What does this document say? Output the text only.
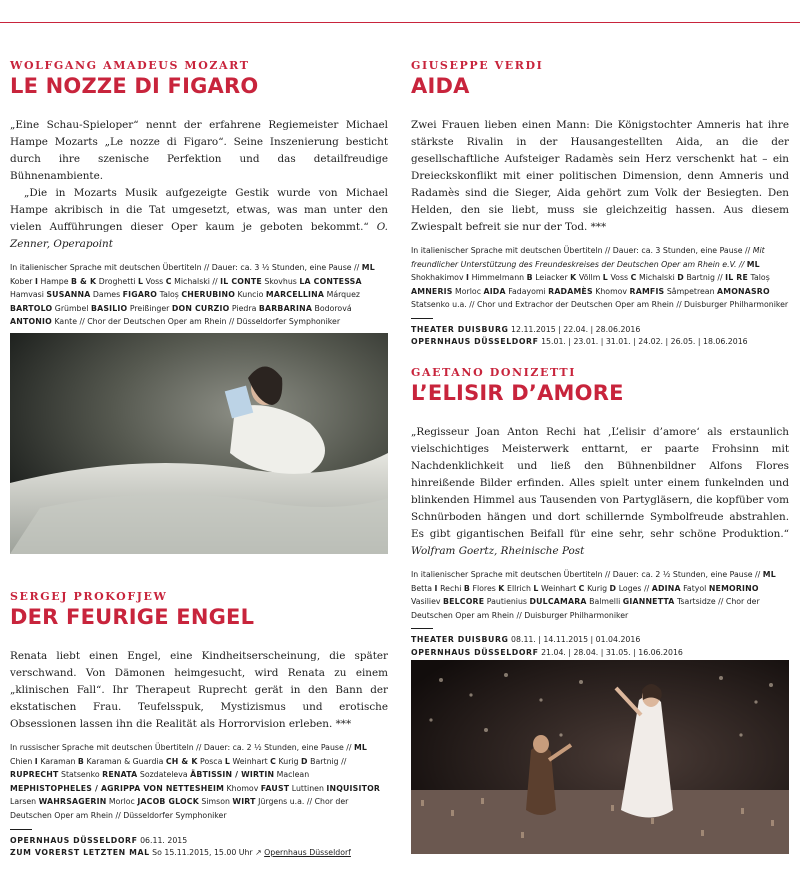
WOLFGANG AMADEUS MOZART
LE NOZZE DI FIGARO

„Eine Schau-Spieloper“ nennt der erfahrene Regiemeister Michael Hampe Mozarts „Le nozze di Figaro“. Seine Inszenierung besticht durch ihre szenische Perfektion und das detailfreudige Bühnenambiente.

„Die in Mozarts Musik aufgezeigte Gestik wurde von Michael Hampe akribisch in die Tat umgesetzt, etwas, was man unter den vielen Aufführungen dieser Oper kaum je geboten bekommt.“ O. Zenner, Operapoint

In italienischer Sprache mit deutschen Übertiteln // Dauer: ca. 3 ½ Stunden, eine Pause // ML Kober I Hampe B & K Droghetti L Voss C Michalski // IL CONTE Skovhus LA CONTESSA Hamvasi SUSANNA Dames FIGARO Taloș CHERUBINO Kuncio MARCELLINA Márquez BARTOLO Grümbel BASILIO Preißinger DON CURZIO Piedra BARBARINA Bodorová ANTONIO Kante // Chor der Deutschen Oper am Rhein // Düsseldorfer Symphoniker
SERGEJ PROKOFJEW
DER FEURIGE ENGEL

Renata liebt einen Engel, eine Kindheitserscheinung, die später verschwand. Von Dämonen heimgesucht, wird Renata zu einem „klinischen Fall“. Ihr Therapeut Ruprecht gerät in den Bann der ekstatischen Frau. Teufelsspuk, Mystizismus und erotische Obsessionen lassen ihn die Realität als Horrorvision erleben. ***

In russischer Sprache mit deutschen Übertiteln // Dauer: ca. 2 ½ Stunden, eine Pause // ML Chien I Karaman B Karaman & Guardia CH & K Posca L Weinhart C Kurig D Bartnig // RUPRECHT Statsenko RENATA Sozdateleva ÄBTISSIN / WIRTIN Maclean MEPHISTOPHELES / AGRIPPA VON NETTESHEIM Khomov FAUST Luttinen INQUISITOR Larsen WAHRSAGERIN Morloc JACOB GLOCK Simson WIRT Jürgens u.a. // Chor der Deutschen Oper am Rhein // Düsseldorfer Symphoniker
OPERNHAUS DÜSSELDORF 06.11. 2015
ZUM VORERST LETZTEN MAL So 15.11.2015, 15.00 Uhr ↗ Opernhaus Düsseldorf
GIUSEPPE VERDI
AIDA

Zwei Frauen lieben einen Mann: Die Königstochter Amneris hat ihre stärkste Rivalin in der Hausangestellten Aida, an die der gesellschaftliche Aufsteiger Radamès sein Herz verschenkt hat – ein Dreieckskonflikt mit einer politischen Dimension, denn Amneris und Radamès sind die Sieger, Aida gehört zum Volk der Besiegten. Den Helden, den sie liebt, muss sie gleichzeitig hassen. Aus diesem Zwiespalt befreit sie nur der Tod. ***

In italienischer Sprache mit deutschen Übertiteln // Dauer: ca. 3 Stunden, eine Pause // Mit freundlicher Unterstützung des Freundeskreises der Deutschen Oper am Rhein e.V. // ML Shokhakimov I Himmelmann B Leiacker K Völlm L Voss C Michalski D Bartnig // IL RE Taloș AMNERIS Morloc AIDA Fadayomi RADAMÈS Khomov RAMFIS Sâmpetrean AMONASRO Statsenko u.a. // Chor und Extrachor der Deutschen Oper am Rhein // Duisburger Philharmoniker
THEATER DUISBURG 12.11.2015 | 22.04. | 28.06.2016
OPERNHAUS DÜSSELDORF 15.01. | 23.01. | 31.01. | 24.02. | 26.05. | 18.06.2016
GAETANO DONIZETTI
L’ELISIR D’AMORE

„Regisseur Joan Anton Rechi hat ‚L’elisir d’amore‘ als erstaunlich vielschichtiges Meisterwerk enttarnt, er paarte Frohsinn mit Nachdenklichkeit und ließ den Bühnenbildner Alfons Flores hinreißende Bilder erfinden. Alles spielt unter einem funkelnden und blinkenden Himmel aus Tausenden von Partygläsern, die kopfüber vom Schnürboden hängen und dort schillernde Symbolfreude abstrahlen. Es gibt gigantischen Beifall für eine sehr, sehr schöne Produktion.“ Wolfram Goertz, Rheinische Post

In italienischer Sprache mit deutschen Übertiteln // Dauer: ca. 2 ½ Stunden, eine Pause // ML Betta I Rechi B Flores K Ellrich L Weinhart C Kurig D Loges // ADINA Fatyol NEMORINO Vasiliev BELCORE Pautienius DULCAMARA Balmelli GIANNETTA Tsartsidze // Chor der Deutschen Oper am Rhein // Duisburger Philharmoniker
THEATER DUISBURG 08.11. | 14.11.2015 | 01.04.2016
OPERNHAUS DÜSSELDORF 21.04. | 28.04. | 31.05. | 16.06.2016
